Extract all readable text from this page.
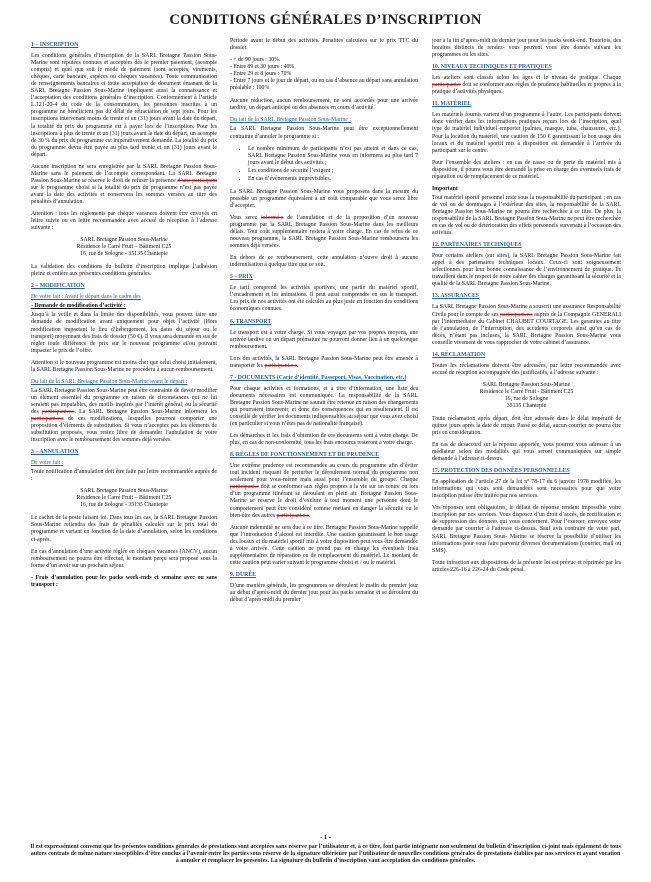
CONDITIONS GÉNÉRALES D’INSCRIPTION
1 – INSCRIPTION

Les conditions générales d’inscription de la SARL Bretagne Passion Sous-Marine sont réputées connues et acceptées dès le premier paiement, (acompte compris) et quel que soit le mode de paiement (sont acceptés, virements, chèques, carte bancaire, espèces ou chèques vacances). Toute communication de renseignements bancaires et toute acceptation de document émanant de la SARL Bretagne Passion Sous-Marine impliquent aussi la connaissance et l’acceptation des conditions générales d’inscription. Conformément à l’article L.121-20-4 du code de la consommation, les personnes inscrites à un programme ne bénéficient pas du délai de rétractation de sept jours. Pour les inscriptions intervenant moins de trente et un (31) jours avant la date du départ, la totalité du prix du programme est à payer lors de l’inscription. Pour les inscriptions à plus de trente et un (31) jours avant la date du départ, un acompte de 30 % du prix du programme est impérativement demandé. La totalité du prix du programme devra être payée au plus tard trente et un (31) jours avant le départ.

Aucune inscription ne sera enregistrée par la SARL Bretagne Passion Sous-Marine sans le paiement de l’acompte correspondant. La SARL Bretagne Passion Sous-Marine se réserve le droit de refuser la présence d’une participant sur le programme choisi si la totalité du prix du programme n’est pas payée avant la date des activités et conservera les sommes versées au titre des pénalités d’annulation.

Attention : tous les règlements par chèque vacances doivent être envoyés en lettre suivie ou en lettre recommandée avec accusé de réception à l’adresse suivante :

SARL Bretagne Passion Sous-Marine
Résidence le Carré Fruit – Bâtiment C25
16, rue de Sologne - 35135 Chantepie

La validation des conditions du bulletin d’inscription implique l’adhésion pleine et entière aux présentes conditions générales.

2 – MODIFICATION
De votre fait : Avant le départ dans le cadre des
- Demande de modification d’activité :

Jusqu’à la veille et dans la limite des disponibilités, vous pouvez faire une demande de modification avant uniquement pour objet l’activité (Hors modification impactant le lieu d’hébergement, les dates du séjour ou le transport) moyennant des frais de dossier (50 €). Il vous sera demandé en sus de régler toute différence de prix sur le nouveau programme et/ou pouvant impacter le prix de l’offre.

Attention si le nouveau programme est moins cher que celui choisi initialement, la SARL Bretagne Passion Sous-Marine ne procédera à aucun remboursement.

Du fait de la SARL Bretagne Passion Sous-Marine avant le départ :

La SARL Bretagne Passion Sous-Marine peut être contrainte de devoir modifier un élément essentiel du programme en raison de circonstances qui ne lui seraient pas imputables, des motifs inspirés par l’intérêt général, ou la sécurité des participant.e.s. La SARL Bretagne Passion Sous-Marine informera les participant.e.s de ces modifications, lesquelles pourront comporter une proposition d’éléments de substitution. Si vous n’acceptez pas les éléments de substitution proposés, vous restez libre de demander l’annulation de votre inscription avec le remboursement des sommes déjà versées.

3 – ANNULATION
De votre fait :

Toute notification d’annulation doit être faite par lettre recommandée auprès de :

SARL Bretagne Passion Sous-Marine
Résidence le Carré Fruit – Bâtiment C25
16, rue de Sologne - 35135 Chantepie

Le cachet de la poste faisant foi. Dans tous les cas, la SARL Bretagne Passion Sous-Marine retiendra des frais de pénalités calculés sur le prix total du programme et variant en fonction de la date d’annulation, selon les conditions ci-après.

En cas d’annulation d’une activité réglée en chèques vacances (ANCV), aucun remboursement ne pourra être effectué, le montant perçu sera proposé sous la forme d’un avoir sur un prochain séjour.

- Frais d’annulation pour les packs week-ends et semaine avec ou sans transport :

Période avant le début des activités. Pénalités calculées sur le prix TTC du dossier.

- + de 90 jours : 30%.
- Entre 89 et 30 jours : 40%
- Entre 29 et 8 jours : 70%
- Entre 7 jours et le jour de départ, ou en cas d’absence au départ sans annulation préalable : 100%

Aucune réduction, aucun remboursement, ne sont accordés pour une arrivée tardive, un départ anticipé ou des absences en cours d’activité.

Du fait de la SARL Bretagne Passion Sous-Marine :

La SARL Bretagne Passion Sous-Marine peut être exceptionnellement contrainte d’annuler le programme si :

• Le nombre minimum de participants n’est pas atteint et dans ce cas, SARL Bretagne Passion Sous-Marine vous en informera au plus tard 7 jours avant le début des activités ;
• Les conditions de sécurité l’exigent ;
• En cas d’événements imprévisibles.

La SARL Bretagne Passion Sous-Marine vous proposera dans la mesure du possible un programme équivalent à un coût comparable que vous serez libre d’accepter.

Vous serez informé.e de l’annulation et de la proposition d’un nouveau programme par la SARL Bretagne Passion Sous-Marine dans les meilleurs délais. Tout coût supplémentaire restera à votre charge. En cas de refus de ce nouveau programme, la SARL Bretagne Passion Sous-Marine remboursera les sommes déjà versées.

En dehors de ce remboursement, cette annulation n’ouvre droit à aucune indemnisation à quelque titre que ce soit.

5 – PRIX

Le tarif comprend les activités sportives, une partie du matériel sportif, l’encadrement et les animations. Il peut aussi comprendre en sus le transport. Les prix de nos activités ont été calculés au plus juste en fonction des conditions économiques connues.

6. TRANSPORT

Le transport est à votre charge. Si vous voyagez par vos propres moyens, une arrivée tardive ou un départ prématuré ne pourront donner lieu à un quelconque remboursement.

Lors des activités, la SARL Bretagne Passion Sous-Marine peut être amenée à transporter les participant.e.s.

7 - DOCUMENTS (Carte d’identité, Passeport, Visas, Vaccination, etc.)

Pour chaque activités et formations, et à titre d’information, une liste des documents nécessaires est communiquée. La responsabilité de la SARL Bretagne Passion Sous-Marine ne saurait être retenue en raison des changements qui pourraient intervenir, et donc des conséquences qui en résulteraient. Il est conseillé de vérifier les documents indispensables au séjour que vous avez choisi (en particulier si vous n’êtes pas de nationalité française).

Les démarches et les frais d’obtention de ces documents sont à votre charge. De plus, en cas de non-conformité, tous les frais encourus resteront à votre charge.

8. RÈGLES DE FONCTIONNEMENT ET DE PRUDENCE

Une extrême prudence est recommandée au cours du programme afin d’éviter tout incident risquant de perturber le déroulement normal du programme non seulement pour vous-même mais aussi pour l’ensemble du groupe. Chaque participant.e doit se conformer aux règles propres à la vie sur un centre ou lors d’un programme itinérant se déroulant en plein air. Bretagne Passion Sous-Marine se réserve le droit d’exclure à tout moment une personne dont le comportement peut être considéré comme mettant en danger la sécurité ou le bien-être des autres participant.e.s.

Aucune indemnité ne sera due à ce titre. Bretagne Passion Sous-Marine rappelle que l’introduction d’alcool est interdite. Une caution garantissant le bon usage des locaux et du matériel sportif mis à votre disposition peut vous être demandée à votre arrivée. Cette caution ne prend pas en charge les éventuels frais supplémentaires de réparation ou de remplacement du matériel. Le montant de cette caution peut varier suivant le programme choisi et / ou le matériel.

9. DURÉE

D’une manière générale, les programmes se déroulent le matin du premier jour au début d’après-midi du dernier jour pour les packs semaine et se déroulent du début d’après-midi du premier

jour à la fin d’après-midi du dernier jour pour les packs week-end. Toutefois, des horaires distincts de rendez- vous peuvent vous être donnés suivant les programmes ou les sites.

10. NIVEAUX TECHNIQUES ET PRATIQUES

Les ateliers sont classés selon les âges et le niveau de pratique. Chaque participant.e doit se conformer aux règles de prudence habituelles et propres à la pratique d’activités physiques.

11. MATÉRIEL

Les matériels fournis varient d’un programme à l’autre. Les participants doivent donc vérifier dans les informations pratiques reçues lors de l’inscription, quel type de matériel individuel emporter (palmes, masque, tuba, chaussures, etc.). Pour la location du matériel, une caution de 150 € garantissant le bon usage des locaux et du matériel sportif mis à disposition est demandée à l’arrivée du participant sur le centre.

Pour l’ensemble des ateliers : en cas de casse ou de perte du matériel mis à disposition, il pourra vous être demandé la prise en charge des éventuels frais de réparation ou de remplacement de ce matériel.

Important

Tout matériel sportif personnel reste sous la responsabilité du participant ; en cas de vol ou de dommages à l’extérieur des sites, la responsabilité de la SARL Bretagne Passion Sous-Marine ne pourra être recherchée à ce titre. De plus, la responsabilité de la SARL Bretagne Passion Sous-Marine ne peut être recherchée en cas de vol ou de détérioration des effets personnels survenant à l’occasion des activités.

12. PARTENAIRES TECHNIQUES

Pour certains ateliers (sur sites), la SARL Bretagne Passion Sous-Marine fait appel à des partenaires techniques locaux. Ceux-ci sont soigneusement sélectionnés pour leur bonne connaissance de l’environnement de pratique. Ils travaillent dans le respect de notre cahier des charges garantissant la sécurité et la qualité de la SARL Bretagne Passion Sous-Marine.

13. ASSURANCES

La SARL Bretagne Passion Sous-Marine a souscrit une assurance Responsabilité Civile pour le compte de ses participant.e.s auprès de la Compagnie GENERALI par l’intermédiaire du Cabinet CHAUBET COURTAGE. Les garanties au titre de l’annulation, de l’interruption, des accidents corporels ainsi qu’en cas de décès, n’étant pas incluses, la SARL Bretagne Passion Sous-Marine vous conseille vivement de vous rapprocher de votre cabinet d’assurance.

14. RÉCLAMATION

Toutes les réclamations doivent être adressées, par lettre recommandée avec accusé de réception accompagnée des justificatifs, à l’adresse suivante :

SARL Bretagne Passion Sous-Marine
Résidence le Carré Fruit - Bâtiment C25
16, rue de Sologne
35135 Chantepie

Toute réclamation après départ, doit être adressée dans le délai impératif de quinze jours après la date de retour. Passé ce délai, aucun courrier ne pourra être pris en considération.

En cas de désaccord sur la réponse apportée, vous pourrez vous adresser à un médiateur selon des modalités qui vous seront communiquées sur simple demande à l’adresse ci-dessus.

17. PROTECTION DES DONNÉES PERSONNELLES

En application de l’article 27 de la loi n° 78-17 du 6 janvier 1978 modifiée, les informations qui vous sont demandées sont nécessaires pour que votre inscription puisse être traitée par nos services.

Vos réponses sont obligatoires, le défaut de réponse rendant impossible votre inscription par nos services. Vous disposez d’un droit d’accès, de rectification et de suppression des données qui vous concernent. Pour l’exercer, envoyez votre demande par courrier à l’adresse ci-dessus. Sauf avis contraire de votre part, SARL Bretagne Passion Sous- Marine se réserve la possibilité d’utiliser les informations pour vous faire parvenir diverses documentations (courrier, mail ou SMS).

Toute infraction aux dispositions de la présente loi est prévue et réprimée par les articles 226-16 à 226-24 du Code pénal.

- 1 -
Il est expressément convenu que les présentes conditions générales de prestations sont acceptées sans réserve par l’utilisateur et, à ce titre, font partie intégrante non seulement du bulletin d’inscription ci-joint mais également de tous autres contrats de même nature susceptibles d’être conclus à l’avenir entre les parties sous réserve de la signature ultérieure par l’utilisateur de nouvelles conditions générales de prestations établies par nos services et ayant vocation à annuler et remplacer les présentes. La signature du bulletin d’inscription vaut acceptation des conditions générales.
